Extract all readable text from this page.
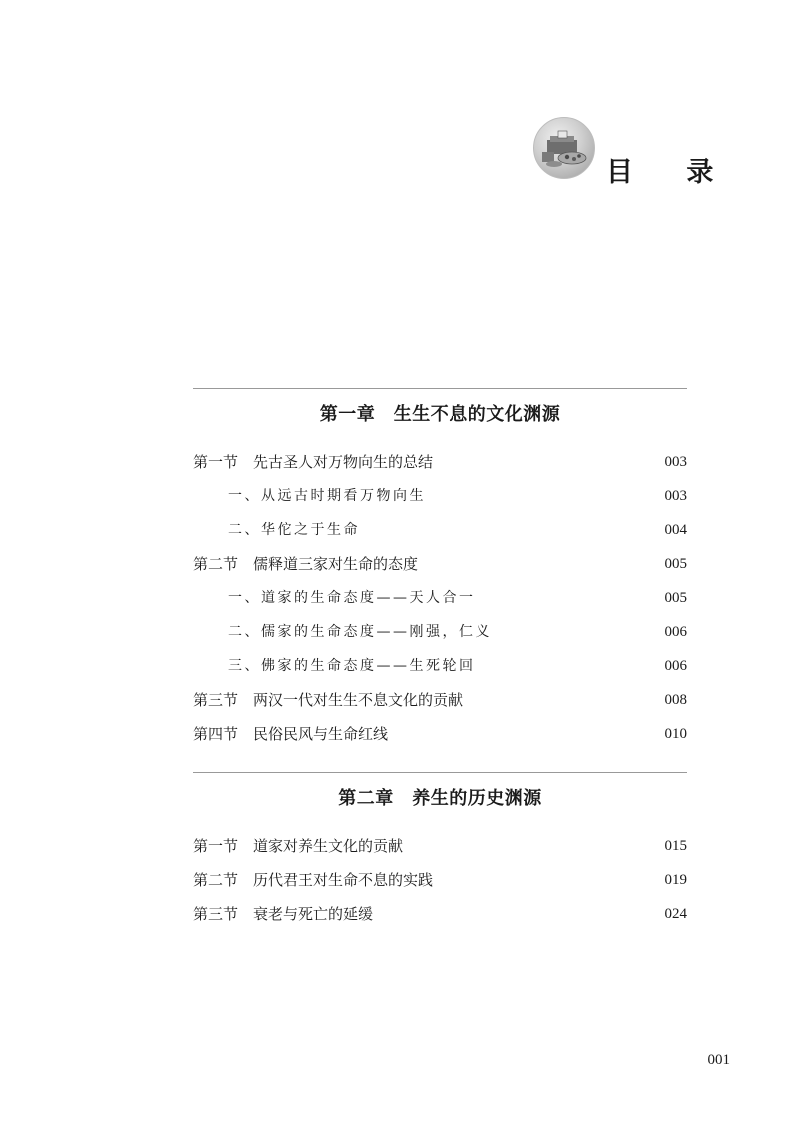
目 录
第一章　生生不息的文化渊源
第一节　先古圣人对万物向生的总结	003
一、从远古时期看万物向生	003
二、华佗之于生命	004
第二节　儒释道三家对生命的态度	005
一、道家的生命态度——天人合一	005
二、儒家的生命态度——刚强，仁义	006
三、佛家的生命态度——生死轮回	006
第三节　两汉一代对生生不息文化的贡献	008
第四节　民俗民风与生命红线	010
第二章　养生的历史渊源
第一节　道家对养生文化的贡献	015
第二节　历代君王对生命不息的实践	019
第三节　衰老与死亡的延缓	024
001
